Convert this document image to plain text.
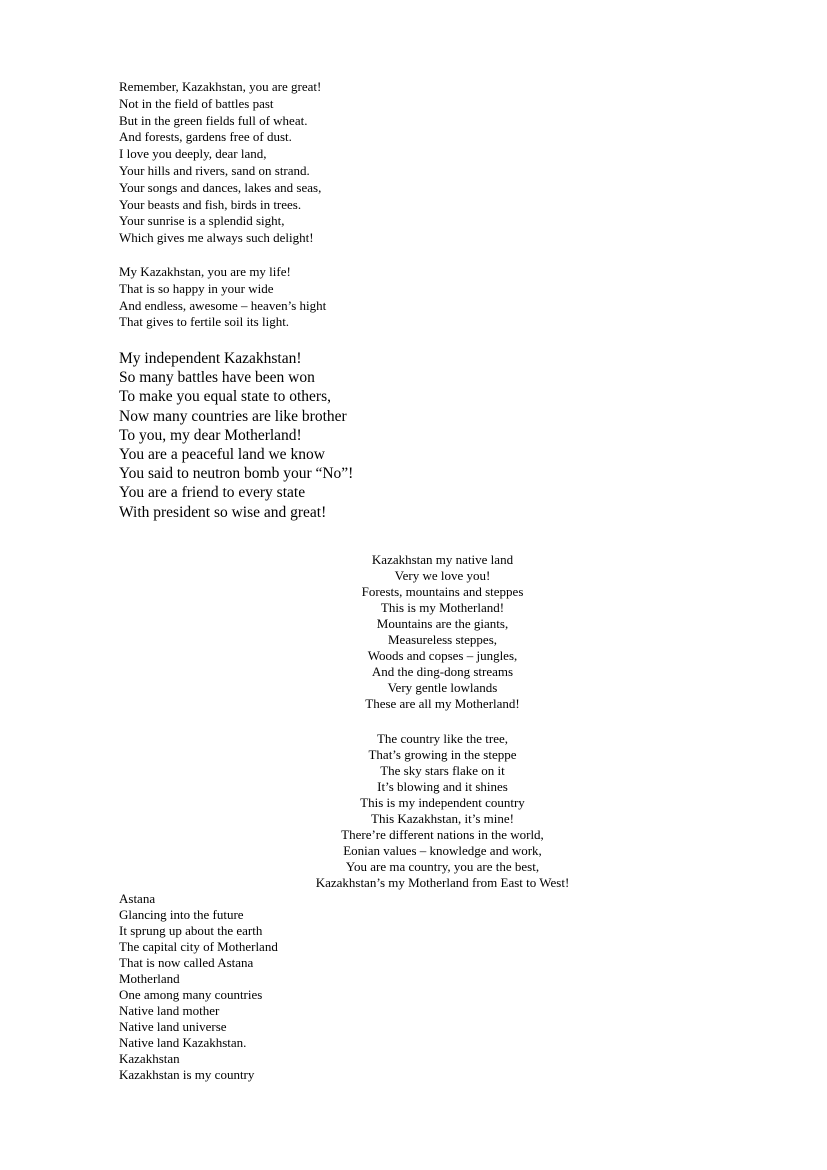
Remember, Kazakhstan, you are great!
Not in the field of battles past
But in the green fields full of wheat.
And forests, gardens free of dust.
I love you deeply, dear land,
Your hills and rivers, sand on strand.
Your songs and dances, lakes and seas,
Your beasts and fish, birds in trees.
Your sunrise is a splendid sight,
Which gives me always such delight!
My Kazakhstan, you are my life!
That is so happy in your wide
And endless, awesome – heaven’s hight
That gives to fertile soil its light.
My independent Kazakhstan!
So many battles have been won
To make you equal state to others,
Now many countries are like brother
To you, my dear Motherland!
You are a peaceful land we know
You said to neutron bomb your “No”!
You are a friend to every state
With president so wise and great!
Kazakhstan my native land
Very we love you!
Forests, mountains and steppes
This is my Motherland!
Mountains are the giants,
Measureless steppes,
Woods and copses – jungles,
And the ding-dong streams
Very gentle lowlands
These are all my Motherland!
The country like the tree,
That’s growing in the steppe
The sky stars flake on it
It’s blowing and it shines
This is my independent country
This Kazakhstan, it’s mine!
There’re different nations in the world,
Eonian values – knowledge and work,
You are ma country, you are the best,
Kazakhstan’s my Motherland from East to West!
Astana
Glancing into the future
It sprung up about the earth
The capital city of Motherland
That is now called Astana
Motherland
One among many countries
Native land mother
Native land universe
Native land Kazakhstan.
Kazakhstan
Kazakhstan is my country
